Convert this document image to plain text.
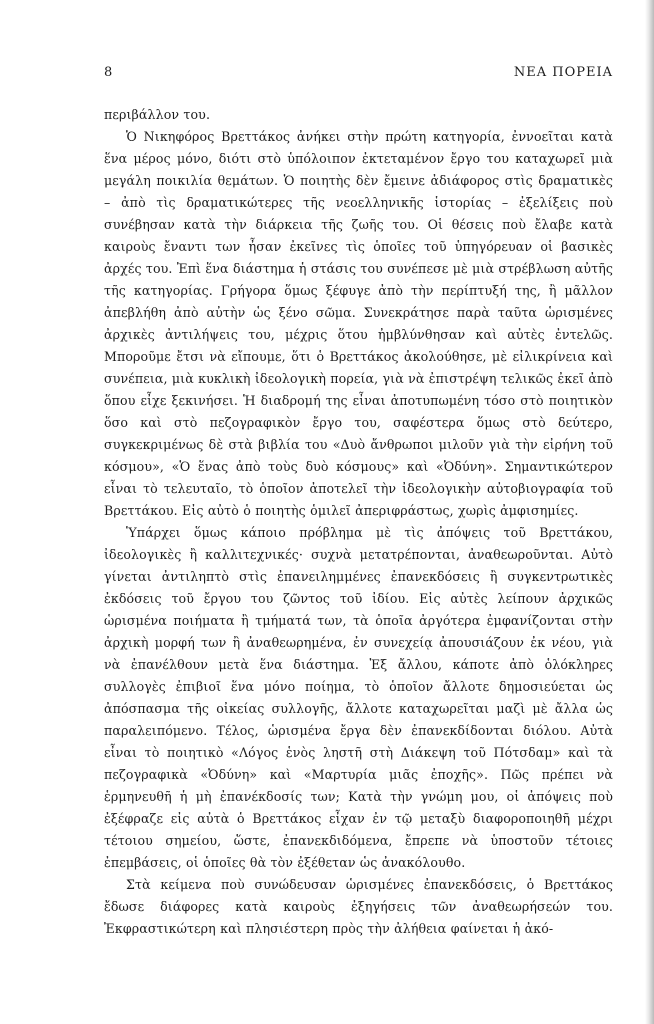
8	ΝΕΑ ΠΟΡΕΙΑ

περιβάλλον του.

Ὁ Νικηφόρος Βρεττάκος ἀνήκει στὴν πρώτη κατηγορία, ἐννοεῖται κατὰ ἕνα μέρος μόνο, διότι στὸ ὑπόλοιπον ἐκτεταμένον ἔργο του καταχωρεῖ μιὰ μεγάλη ποικιλία θεμάτων. Ὁ ποιητὴς δὲν ἔμεινε ἀδιάφορος στὶς δραματικὲς – ἀπὸ τὶς δραματικώτερες τῆς νεοελληνικῆς ἱστορίας – ἐξελίξεις ποὺ συνέβησαν κατὰ τὴν διάρκεια τῆς ζωῆς του. Οἱ θέσεις ποὺ ἔλαβε κατὰ καιροὺς ἔναντι των ἦσαν ἐκεῖνες τὶς ὁποῖες τοῦ ὑπηγόρευαν οἱ βασικὲς ἀρχές του. Ἐπὶ ἕνα διάστημα ἡ στάσις του συνέπεσε μὲ μιὰ στρέβλωση αὐτῆς τῆς κατηγορίας. Γρήγορα ὅμως ξέφυγε ἀπὸ τὴν περίπτυξή της, ἢ μᾶλλον ἀπεβλήθη ἀπὸ αὐτὴν ὡς ξένο σῶμα. Συνεκράτησε παρὰ ταῦτα ὡρισμένες ἀρχικὲς ἀντιλήψεις του, μέχρις ὅτου ἠμβλύνθησαν καὶ αὐτὲς ἐντελῶς. Μποροῦμε ἔτσι νὰ εἴπουμε, ὅτι ὁ Βρεττάκος ἀκολούθησε, μὲ εἰλικρίνεια καὶ συνέπεια, μιὰ κυκλικὴ ἰδεολογικὴ πορεία, γιὰ νὰ ἐπιστρέψη τελικῶς ἐκεῖ ἀπὸ ὅπου εἶχε ξεκινήσει. Ἡ διαδρομή της εἶναι ἀποτυπωμένη τόσο στὸ ποιητικὸν ὅσο καὶ στὸ πεζογραφικὸν ἔργο του, σαφέστερα ὅμως στὸ δεύτερο, συγκεκριμένως δὲ στὰ βιβλία του «Δυὸ ἄνθρωποι μιλοῦν γιὰ τὴν εἰρήνη τοῦ κόσμου», «Ὁ ἕνας ἀπὸ τοὺς δυὸ κόσμους» καὶ «Ὀδύνη». Σημαντικώτερον εἶναι τὸ τελευταῖο, τὸ ὁποῖον ἀποτελεῖ τὴν ἰδεολογικὴν αὐτοβιογραφία τοῦ Βρεττάκου. Εἰς αὐτὸ ὁ ποιητὴς ὁμιλεῖ ἀπεριφράστως, χωρὶς ἀμφισημίες.

Ὑπάρχει ὅμως κάποιο πρόβλημα μὲ τὶς ἀπόψεις τοῦ Βρεττάκου, ἰδεολογικὲς ἢ καλλιτεχνικές· συχνὰ μετατρέπονται, ἀναθεωροῦνται. Αὐτὸ γίνεται ἀντιληπτὸ στὶς ἐπανειλημμένες ἐπανεκδόσεις ἢ συγκεντρωτικὲς ἐκδόσεις τοῦ ἔργου του ζῶντος τοῦ ἰδίου. Εἰς αὐτὲς λείπουν ἀρχικῶς ὡρισμένα ποιήματα ἢ τμήματά των, τὰ ὁποῖα ἀργότερα ἐμφανίζονται στὴν ἀρχικὴ μορφή των ἢ ἀναθεωρημένα, ἐν συνεχείᾳ ἀπουσιάζουν ἐκ νέου, γιὰ νὰ ἐπανέλθουν μετὰ ἕνα διάστημα. Ἐξ ἄλλου, κάποτε ἀπὸ ὁλόκληρες συλλογὲς ἐπιβιοῖ ἕνα μόνο ποίημα, τὸ ὁποῖον ἄλλοτε δημοσιεύεται ὡς ἀπόσπασμα τῆς οἰκείας συλλογῆς, ἄλλοτε καταχωρεῖται μαζὶ μὲ ἄλλα ὡς παραλειπόμενο. Τέλος, ὡρισμένα ἔργα δὲν ἐπανεκδίδονται διόλου. Αὐτὰ εἶναι τὸ ποιητικὸ «Λόγος ἑνὸς ληστῆ στὴ Διάκεψη τοῦ Πότσδαμ» καὶ τὰ πεζογραφικὰ «Ὀδύνη» καὶ «Μαρτυρία μιᾶς ἐποχῆς». Πῶς πρέπει νὰ ἑρμηνευθῆ ἡ μὴ ἐπανέκδοσίς των; Κατὰ τὴν γνώμη μου, οἱ ἀπόψεις ποὺ ἐξέφραζε εἰς αὐτὰ ὁ Βρεττάκος εἶχαν ἐν τῷ μεταξὺ διαφοροποιηθῆ μέχρι τέτοιου σημείου, ὥστε, ἐπανεκδιδόμενα, ἔπρεπε νὰ ὑποστοῦν τέτοιες ἐπεμβάσεις, οἱ ὁποῖες θὰ τὸν ἐξέθεταν ὡς ἀνακόλουθο.

Στὰ κείμενα ποὺ συνώδευσαν ὡρισμένες ἐπανεκδόσεις, ὁ Βρεττάκος ἔδωσε διάφορες κατὰ καιροὺς ἐξηγήσεις τῶν ἀναθεωρήσεών του. Ἐκφραστικώτερη καὶ πλησιέστερη πρὸς τὴν ἀλήθεια φαίνεται ἡ ἀκό-
